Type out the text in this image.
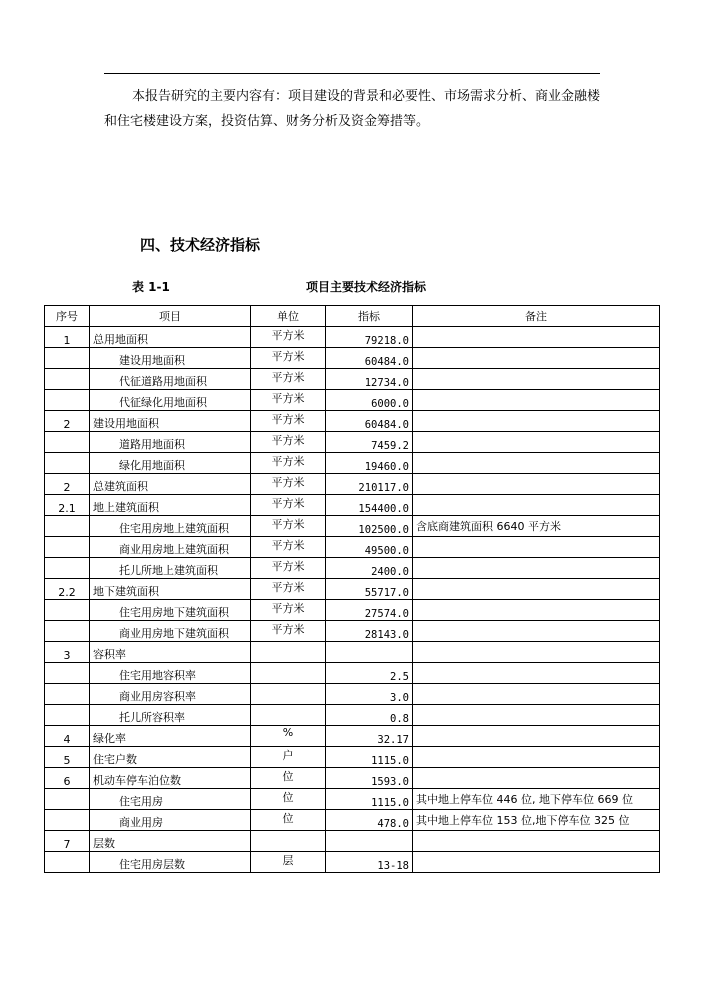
本报告研究的主要内容有：项目建设的背景和必要性、市场需求分析、商业金融楼和住宅楼建设方案，投资估算、财务分析及资金筹措等。

四、技术经济指标
表 1-1	项目主要技术经济指标
序号	项目	单位	指标	备注
1	总用地面积	平方米	79218.0	
	建设用地面积	平方米	60484.0	
	代征道路用地面积	平方米	12734.0	
	代征绿化用地面积	平方米	6000.0	
2	建设用地面积	平方米	60484.0	
	道路用地面积	平方米	7459.2	
	绿化用地面积	平方米	19460.0	
2	总建筑面积	平方米	210117.0	
2.1	地上建筑面积	平方米	154400.0	
	住宅用房地上建筑面积	平方米	102500.0	含底商建筑面积 6640 平方米
	商业用房地上建筑面积	平方米	49500.0	
	托儿所地上建筑面积	平方米	2400.0	
2.2	地下建筑面积	平方米	55717.0	
	住宅用房地下建筑面积	平方米	27574.0	
	商业用房地下建筑面积	平方米	28143.0	
3	容积率			
	住宅用地容积率		2.5	
	商业用房容积率		3.0	
	托儿所容积率		0.8	
4	绿化率	%	32.17	
5	住宅户数	户	1115.0	
6	机动车停车泊位数	位	1593.0	
	住宅用房	位	1115.0	其中地上停车位 446 位, 地下停车位 669 位
	商业用房	位	478.0	其中地上停车位 153 位,地下停车位 325 位
7	层数			
	住宅用房层数	层	13-18	
